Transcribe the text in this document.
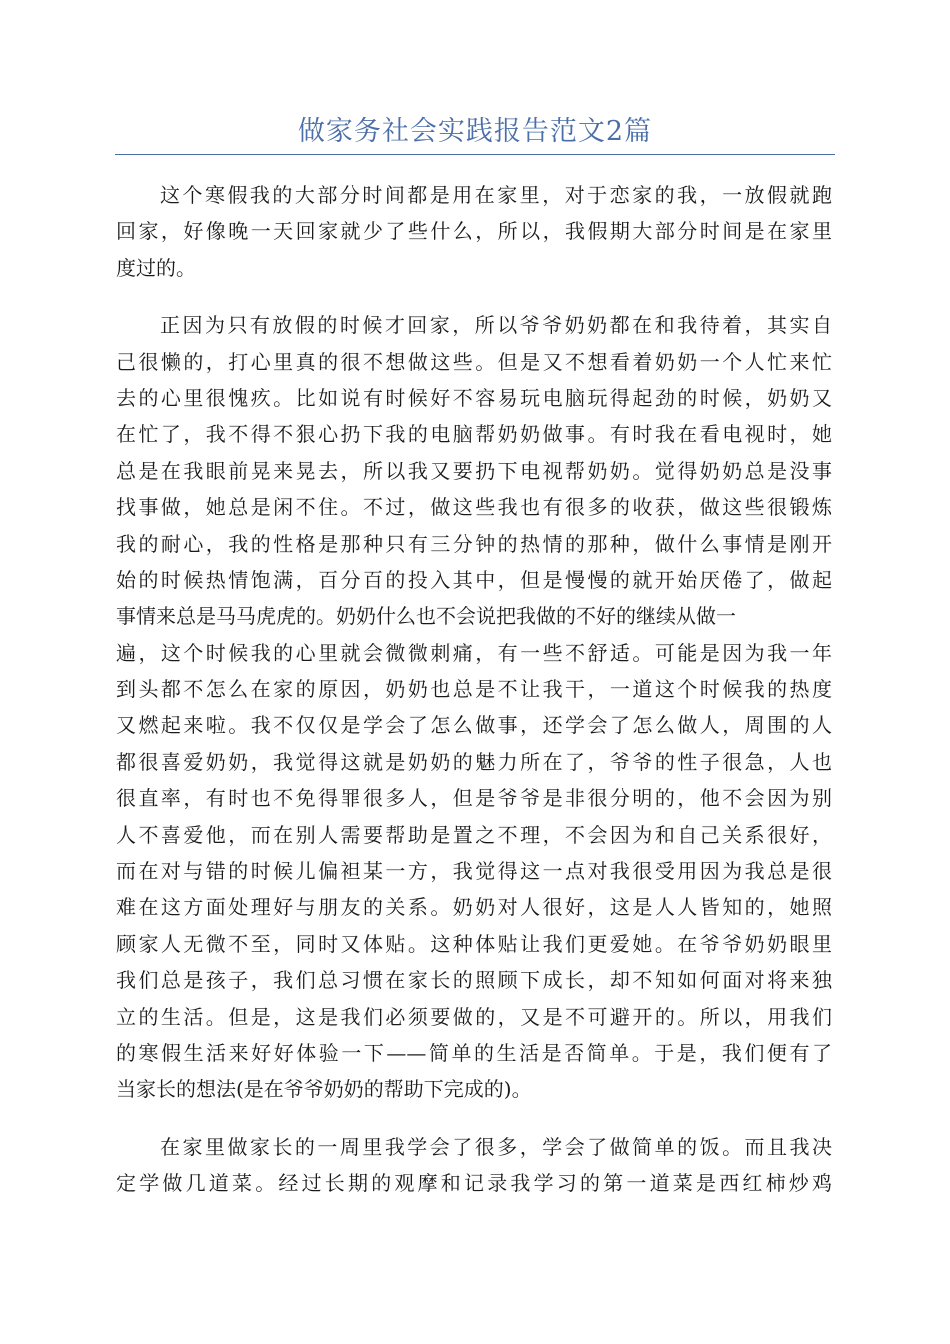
做家务社会实践报告范文2篇
这个寒假我的大部分时间都是用在家里，对于恋家的我，一放假就跑
回家，好像晚一天回家就少了些什么，所以，我假期大部分时间是在家里
度过的。
正因为只有放假的时候才回家，所以爷爷奶奶都在和我待着，其实自
己很懒的，打心里真的很不想做这些。但是又不想看着奶奶一个人忙来忙
去的心里很愧疚。比如说有时候好不容易玩电脑玩得起劲的时候，奶奶又
在忙了，我不得不狠心扔下我的电脑帮奶奶做事。有时我在看电视时，她
总是在我眼前晃来晃去，所以我又要扔下电视帮奶奶。觉得奶奶总是没事
找事做，她总是闲不住。不过，做这些我也有很多的收获，做这些很锻炼
我的耐心，我的性格是那种只有三分钟的热情的那种，做什么事情是刚开
始的时候热情饱满，百分百的投入其中，但是慢慢的就开始厌倦了，做起
事情来总是马马虎虎的。奶奶什么也不会说把我做的不好的继续从做一
遍，这个时候我的心里就会微微刺痛，有一些不舒适。可能是因为我一年
到头都不怎么在家的原因，奶奶也总是不让我干，一道这个时候我的热度
又燃起来啦。我不仅仅是学会了怎么做事，还学会了怎么做人，周围的人
都很喜爱奶奶，我觉得这就是奶奶的魅力所在了，爷爷的性子很急，人也
很直率，有时也不免得罪很多人，但是爷爷是非很分明的，他不会因为别
人不喜爱他，而在别人需要帮助是置之不理，不会因为和自己关系很好，
而在对与错的时候儿偏袒某一方，我觉得这一点对我很受用因为我总是很
难在这方面处理好与朋友的关系。奶奶对人很好，这是人人皆知的，她照
顾家人无微不至，同时又体贴。这种体贴让我们更爱她。在爷爷奶奶眼里
我们总是孩子，我们总习惯在家长的照顾下成长，却不知如何面对将来独
立的生活。但是，这是我们必须要做的，又是不可避开的。所以，用我们
的寒假生活来好好体验一下——简单的生活是否简单。于是，我们便有了
当家长的想法(是在爷爷奶奶的帮助下完成的)。
在家里做家长的一周里我学会了很多，学会了做简单的饭。而且我决
定学做几道菜。经过长期的观摩和记录我学习的第一道菜是西红柿炒鸡
